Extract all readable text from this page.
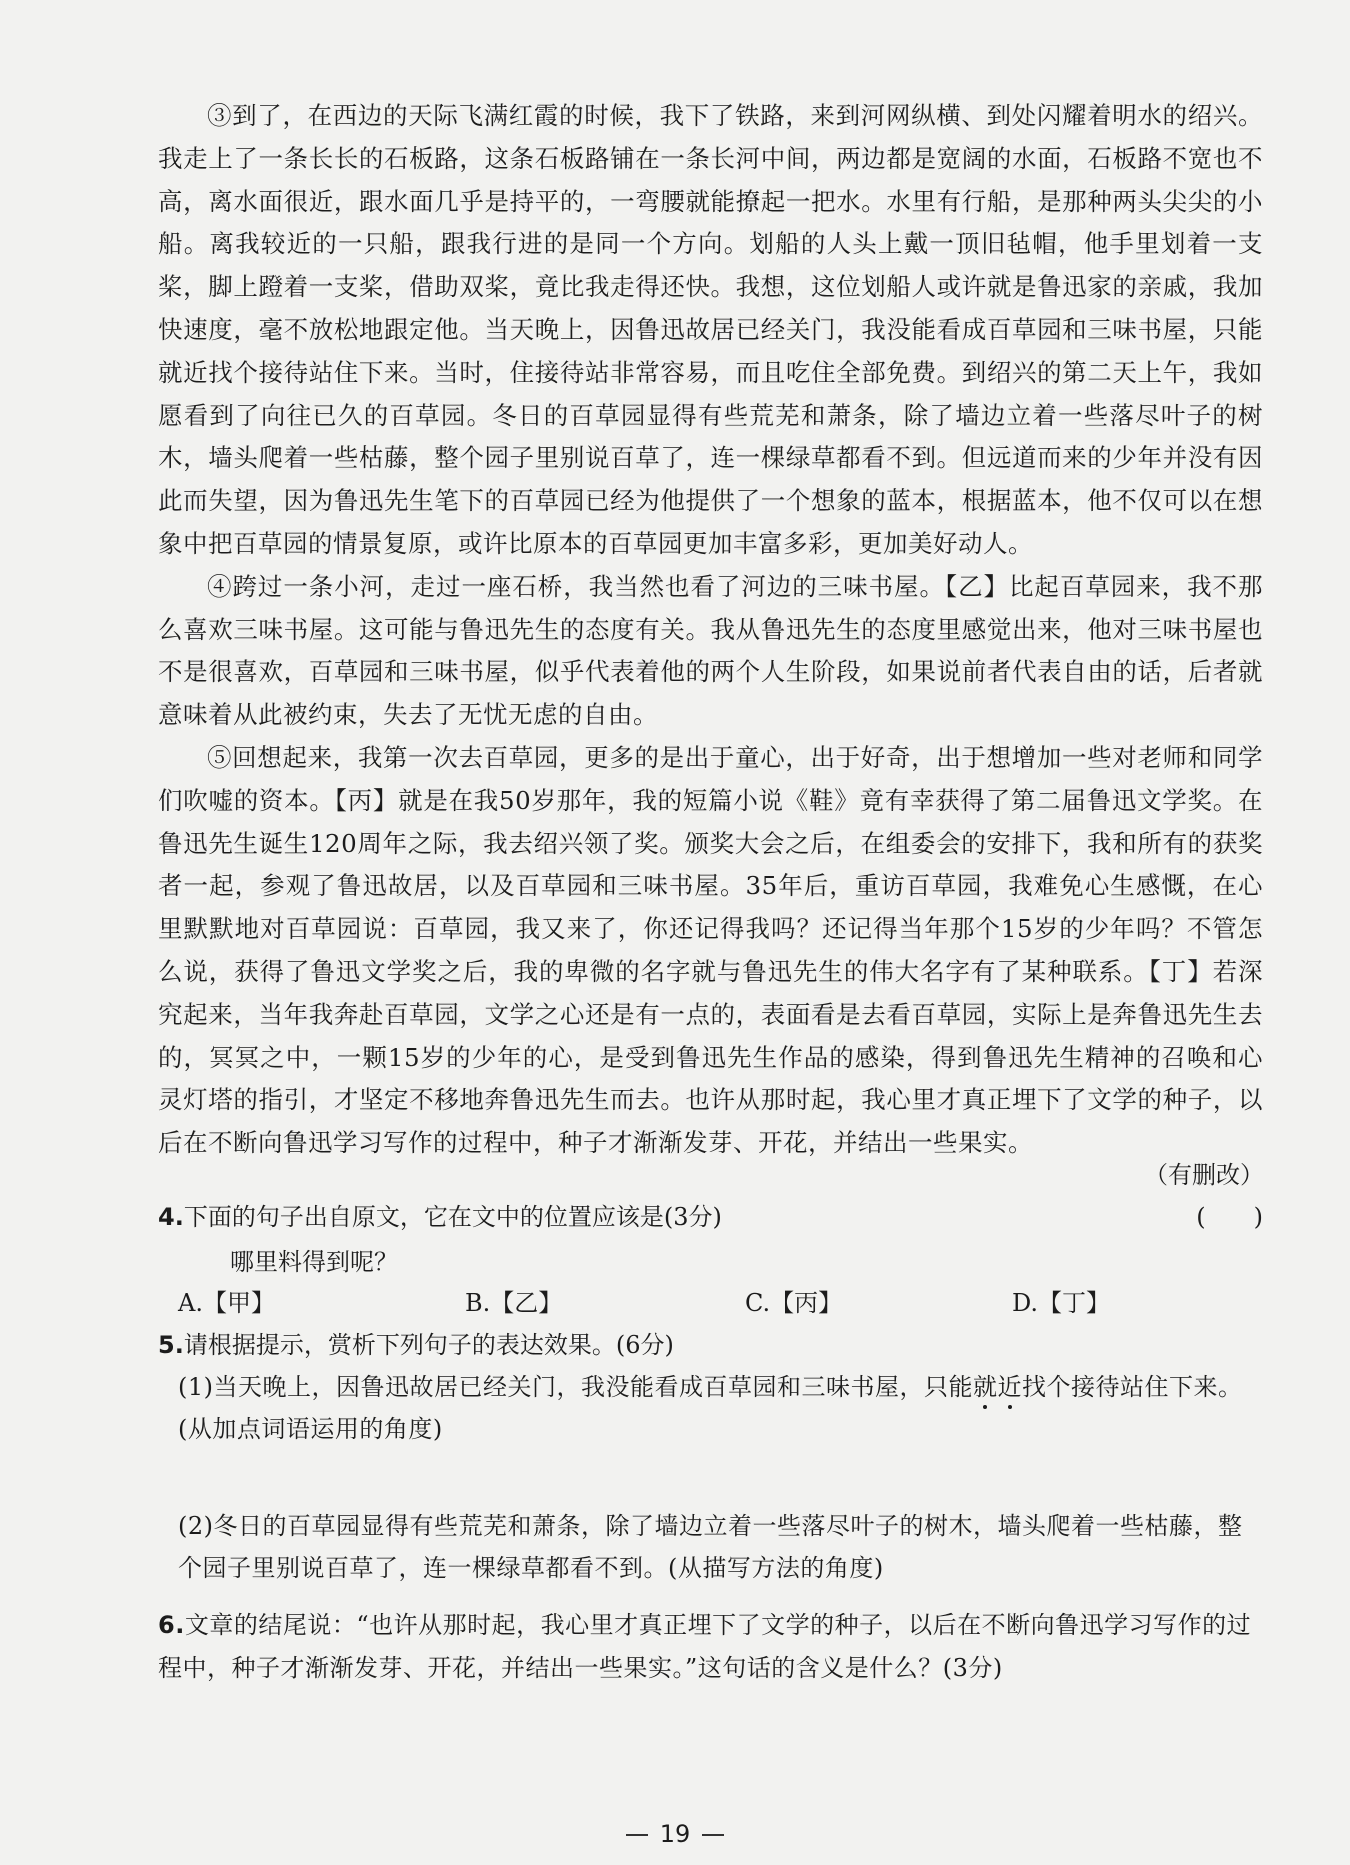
③到了，在西边的天际飞满红霞的时候，我下了铁路，来到河网纵横、到处闪耀着明水的绍兴。我走上了一条长长的石板路，这条石板路铺在一条长河中间，两边都是宽阔的水面，石板路不宽也不高，离水面很近，跟水面几乎是持平的，一弯腰就能撩起一把水。水里有行船，是那种两头尖尖的小船。离我较近的一只船，跟我行进的是同一个方向。划船的人头上戴一顶旧毡帽，他手里划着一支桨，脚上蹬着一支桨，借助双桨，竟比我走得还快。我想，这位划船人或许就是鲁迅家的亲戚，我加快速度，毫不放松地跟定他。当天晚上，因鲁迅故居已经关门，我没能看成百草园和三味书屋，只能就近找个接待站住下来。当时，住接待站非常容易，而且吃住全部免费。到绍兴的第二天上午，我如愿看到了向往已久的百草园。冬日的百草园显得有些荒芜和萧条，除了墙边立着一些落尽叶子的树木，墙头爬着一些枯藤，整个园子里别说百草了，连一棵绿草都看不到。但远道而来的少年并没有因此而失望，因为鲁迅先生笔下的百草园已经为他提供了一个想象的蓝本，根据蓝本，他不仅可以在想象中把百草园的情景复原，或许比原本的百草园更加丰富多彩，更加美好动人。

④跨过一条小河，走过一座石桥，我当然也看了河边的三味书屋。【乙】比起百草园来，我不那么喜欢三味书屋。这可能与鲁迅先生的态度有关。我从鲁迅先生的态度里感觉出来，他对三味书屋也不是很喜欢，百草园和三味书屋，似乎代表着他的两个人生阶段，如果说前者代表自由的话，后者就意味着从此被约束，失去了无忧无虑的自由。

⑤回想起来，我第一次去百草园，更多的是出于童心，出于好奇，出于想增加一些对老师和同学们吹嘘的资本。【丙】就是在我50岁那年，我的短篇小说《鞋》竟有幸获得了第二届鲁迅文学奖。在鲁迅先生诞生120周年之际，我去绍兴领了奖。颁奖大会之后，在组委会的安排下，我和所有的获奖者一起，参观了鲁迅故居，以及百草园和三味书屋。35年后，重访百草园，我难免心生感慨，在心里默默地对百草园说：百草园，我又来了，你还记得我吗？还记得当年那个15岁的少年吗？不管怎么说，获得了鲁迅文学奖之后，我的卑微的名字就与鲁迅先生的伟大名字有了某种联系。【丁】若深究起来，当年我奔赴百草园，文学之心还是有一点的，表面看是去看百草园，实际上是奔鲁迅先生去的，冥冥之中，一颗15岁的少年的心，是受到鲁迅先生作品的感染，得到鲁迅先生精神的召唤和心灵灯塔的指引，才坚定不移地奔鲁迅先生而去。也许从那时起，我心里才真正埋下了文学的种子，以后在不断向鲁迅学习写作的过程中，种子才渐渐发芽、开花，并结出一些果实。

（有删改）
4.下面的句子出自原文，它在文中的位置应该是(3分)	(　　)
哪里料得到呢？
A.【甲】	B.【乙】	C.【丙】	D.【丁】
5.请根据提示，赏析下列句子的表达效果。(6分)
(1)当天晚上，因鲁迅故居已经关门，我没能看成百草园和三味书屋，只能就
近
找个接待站住下来。(从加点词语运用的角度)
(2)冬日的百草园显得有些荒芜和萧条，除了墙边立着一些落尽叶子的树木，墙头爬着一些枯藤，整个园子里别说百草了，连一棵绿草都看不到。(从描写方法的角度)
6.文章的结尾说：“也许从那时起，我心里才真正埋下了文学的种子，以后在不断向鲁迅学习写作的过程中，种子才渐渐发芽、开花，并结出一些果实。”这句话的含义是什么？(3分)
19
